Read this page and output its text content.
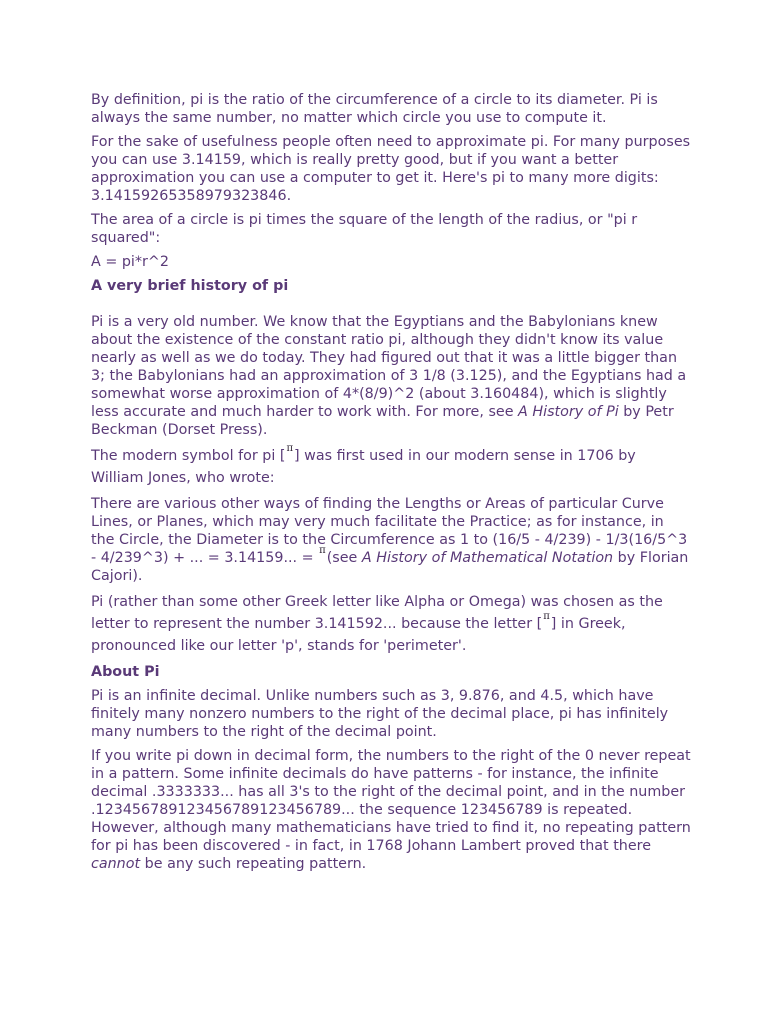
By definition, pi is the ratio of the circumference of a circle to its diameter. Pi is always the same number, no matter which circle you use to compute it.

For the sake of usefulness people often need to approximate pi. For many purposes you can use 3.14159, which is really pretty good, but if you want a better approximation you can use a computer to get it. Here's pi to many more digits: 3.14159265358979323846.

The area of a circle is pi times the square of the length of the radius, or "pi r squared":

A = pi*r^2

A very brief history of pi

Pi is a very old number. We know that the Egyptians and the Babylonians knew about the existence of the constant ratio pi, although they didn't know its value nearly as well as we do today. They had figured out that it was a little bigger than 3; the Babylonians had an approximation of 3 1/8 (3.125), and the Egyptians had a somewhat worse approximation of 4*(8/9)^2 (about 3.160484), which is slightly less accurate and much harder to work with. For more, see A History of Pi by Petr Beckman (Dorset Press).

The modern symbol for pi [π] was first used in our modern sense in 1706 by William Jones, who wrote:

There are various other ways of finding the Lengths or Areas of particular Curve Lines, or Planes, which may very much facilitate the Practice; as for instance, in the Circle, the Diameter is to the Circumference as 1 to (16/5 - 4/239) - 1/3(16/5^3 - 4/239^3) + ... = 3.14159... = π(see A History of Mathematical Notation by Florian Cajori).

Pi (rather than some other Greek letter like Alpha or Omega) was chosen as the letter to represent the number 3.141592... because the letter [π] in Greek, pronounced like our letter 'p', stands for 'perimeter'.

About Pi

Pi is an infinite decimal. Unlike numbers such as 3, 9.876, and 4.5, which have finitely many nonzero numbers to the right of the decimal place, pi has infinitely many numbers to the right of the decimal point.

If you write pi down in decimal form, the numbers to the right of the 0 never repeat in a pattern. Some infinite decimals do have patterns - for instance, the infinite decimal .3333333... has all 3's to the right of the decimal point, and in the number .123456789123456789123456789... the sequence 123456789 is repeated. However, although many mathematicians have tried to find it, no repeating pattern for pi has been discovered - in fact, in 1768 Johann Lambert proved that there cannot be any such repeating pattern.
